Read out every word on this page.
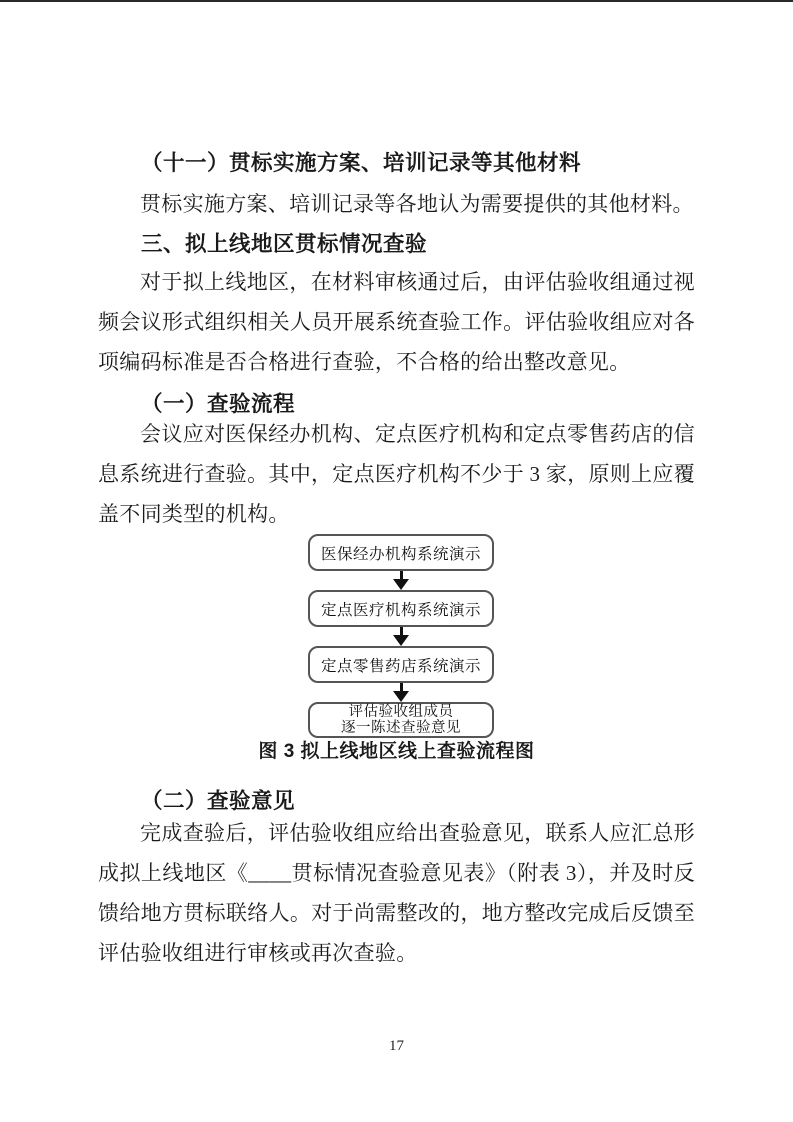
（十一）贯标实施方案、培训记录等其他材料
贯标实施方案、培训记录等各地认为需要提供的其他材料。
三、拟上线地区贯标情况查验
对于拟上线地区，在材料审核通过后，由评估验收组通过视频会议形式组织相关人员开展系统查验工作。评估验收组应对各项编码标准是否合格进行查验，不合格的给出整改意见。
（一）查验流程
会议应对医保经办机构、定点医疗机构和定点零售药店的信息系统进行查验。其中，定点医疗机构不少于 3 家，原则上应覆盖不同类型的机构。
医保经办机构系统演示
定点医疗机构系统演示
定点零售药店系统演示
评估验收组成员
逐一陈述查验意见
图 3 拟上线地区线上查验流程图
（二）查验意见
完成查验后，评估验收组应给出查验意见，联系人应汇总形成拟上线地区《____贯标情况查验意见表》（附表 3），并及时反馈给地方贯标联络人。对于尚需整改的，地方整改完成后反馈至评估验收组进行审核或再次查验。
17
